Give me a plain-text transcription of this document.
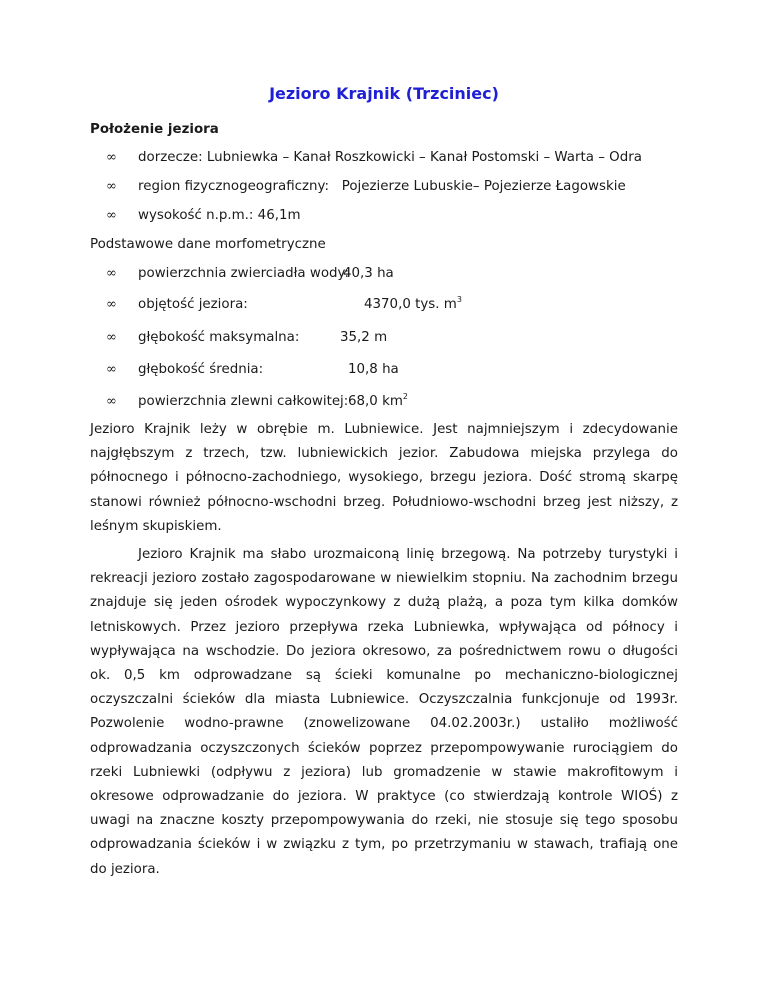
Jezioro Krajnik (Trzciniec)
Położenie jeziora
∞ dorzecze: Lubniewka – Kanał Roszkowicki – Kanał Postomski – Warta – Odra
∞ region fizycznogeograficzny:   Pojezierze Lubuskie– Pojezierze Łagowskie
∞ wysokość n.p.m.: 46,1m
Podstawowe dane morfometryczne
∞ powierzchnia zwierciadła wody:
40,3 ha
∞ objętość jeziora:	4370,0 tys. $m^3$
∞ głębokość maksymalna:	35,2 m
∞ głębokość średnia:	10,8 ha
∞ powierzchnia zlewni całkowitej: 68,0 $km^2$

Jezioro Krajnik leży w obrębie m. Lubniewice. Jest najmniejszym i zdecydowanie najgłębszym z trzech, tzw. lubniewickich jezior. Zabudowa miejska przylega do północnego i północno-zachodniego, wysokiego, brzegu jeziora. Dość stromą skarpę stanowi również północno-wschodni brzeg. Południowo-wschodni brzeg jest niższy, z leśnym skupiskiem.

Jezioro Krajnik ma słabo urozmaiconą linię brzegową. Na potrzeby turystyki i rekreacji jezioro zostało zagospodarowane w niewielkim stopniu. Na zachodnim brzegu znajduje się jeden ośrodek wypoczynkowy z dużą plażą, a poza tym kilka domków letniskowych. Przez jezioro przepływa rzeka Lubniewka, wpływająca od północy i wypływająca na wschodzie. Do jeziora okresowo, za pośrednictwem rowu o długości ok. 0,5 km odprowadzane są ścieki komunalne po mechaniczno-biologicznej oczyszczalni ścieków dla miasta Lubniewice. Oczyszczalnia funkcjonuje od 1993r. Pozwolenie wodno-prawne (znowelizowane 04.02.2003r.) ustaliło możliwość odprowadzania oczyszczonych ścieków poprzez przepompowywanie rurociągiem do rzeki Lubniewki (odpływu z jeziora) lub gromadzenie w stawie makrofitowym i okresowe odprowadzanie do jeziora. W praktyce (co stwierdzają kontrole WIOŚ) z uwagi na znaczne koszty przepompowywania do rzeki, nie stosuje się tego sposobu odprowadzania ścieków i w związku z tym, po przetrzymaniu w stawach, trafiają one do jeziora.
